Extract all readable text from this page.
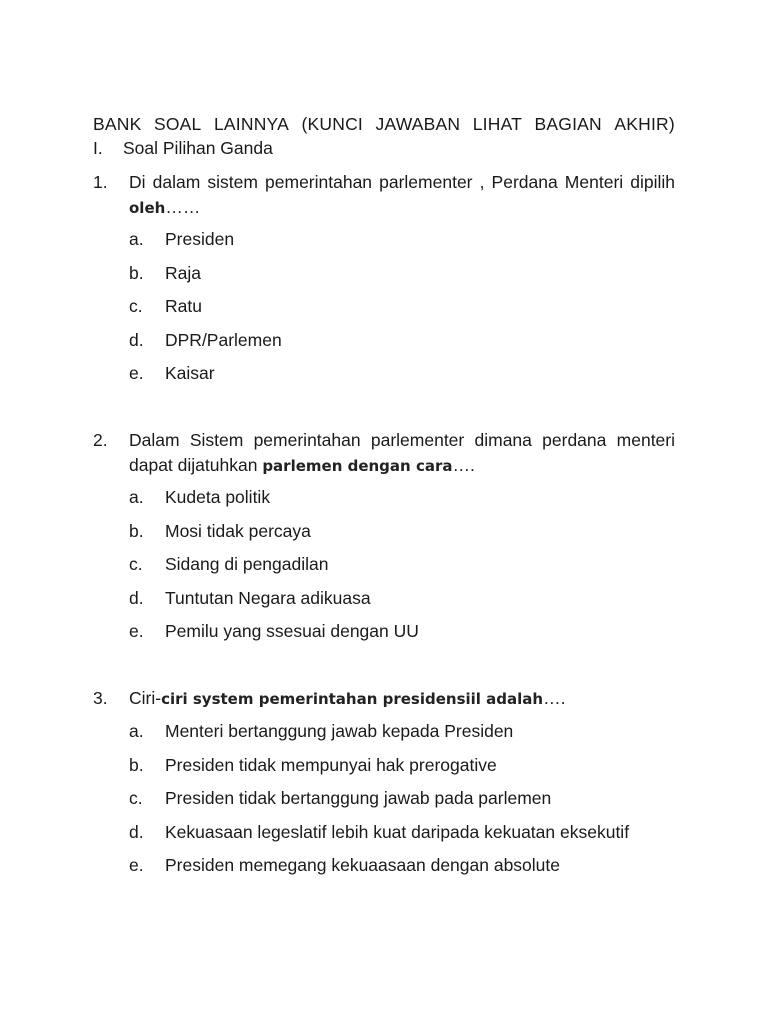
BANK SOAL LAINNYA (KUNCI JAWABAN LIHAT BAGIAN AKHIR)
I. Soal Pilihan Ganda
1. Di dalam sistem pemerintahan parlementer , Perdana Menteri dipilih
oleh……
a. Presiden
b. Raja
c. Ratu
d. DPR/Parlemen
e. Kaisar
2. Dalam Sistem pemerintahan parlementer dimana perdana menteri
dapat dijatuhkan parlemen dengan cara….
a. Kudeta politik
b. Mosi tidak percaya
c. Sidang di pengadilan
d. Tuntutan Negara adikuasa
e. Pemilu yang ssesuai dengan UU
3. Ciri-ciri system pemerintahan presidensiil adalah….
a. Menteri bertanggung jawab kepada Presiden
b. Presiden tidak mempunyai hak prerogative
c. Presiden tidak bertanggung jawab pada parlemen
d. Kekuasaan legeslatif lebih kuat daripada kekuatan eksekutif
e. Presiden memegang kekuaasaan dengan absolute
